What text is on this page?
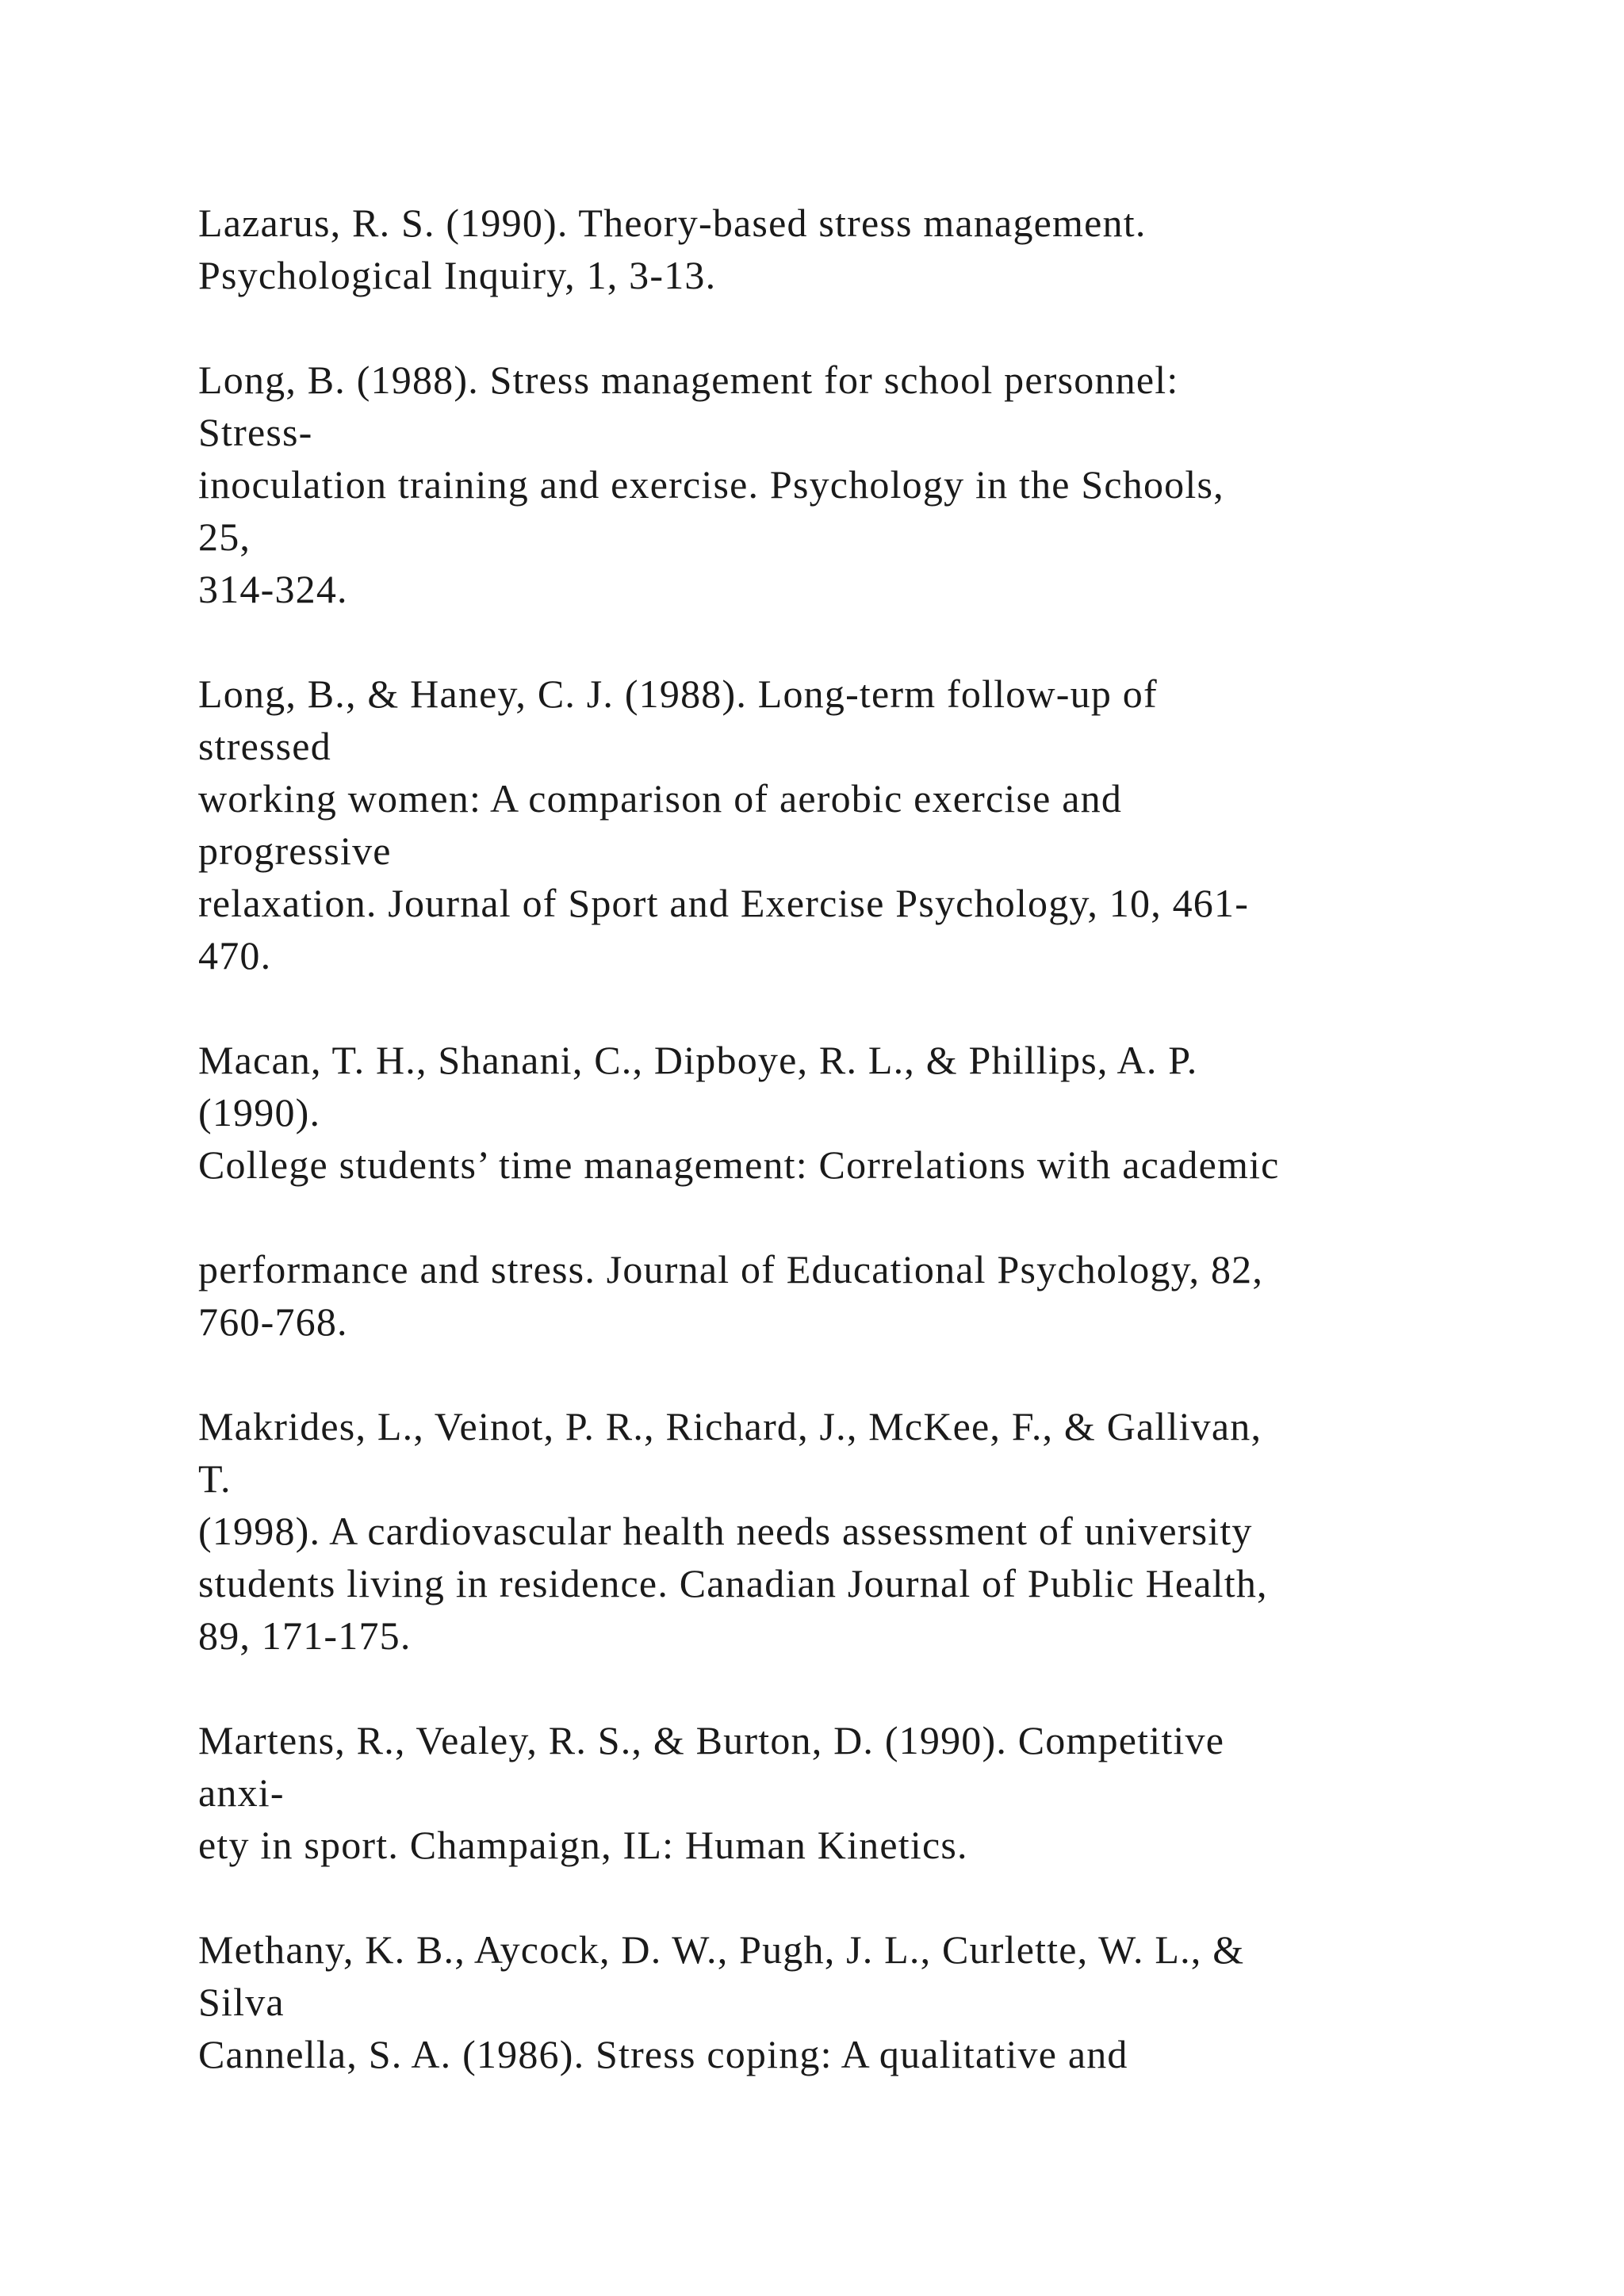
Lazarus, R. S. (1990). Theory-based stress management.
Psychological Inquiry, 1, 3-13.
Long, B. (1988). Stress management for school personnel:
Stress-
inoculation training and exercise. Psychology in the Schools,
25,
314-324.
Long, B., & Haney, C. J. (1988). Long-term follow-up of
stressed
working women: A comparison of aerobic exercise and
progressive
relaxation. Journal of Sport and Exercise Psychology, 10, 461-
470.
Macan, T. H., Shanani, C., Dipboye, R. L., & Phillips, A. P.
(1990).
College students’ time management: Correlations with academic
performance and stress. Journal of Educational Psychology, 82,
760-768.
Makrides, L., Veinot, P. R., Richard, J., McKee, F., & Gallivan,
T.
(1998). A cardiovascular health needs assessment of university
students living in residence. Canadian Journal of Public Health,
89, 171-175.
Martens, R., Vealey, R. S., & Burton, D. (1990). Competitive
anxi-
ety in sport. Champaign, IL: Human Kinetics.
Methany, K. B., Aycock, D. W., Pugh, J. L., Curlette, W. L., &
Silva
Cannella, S. A. (1986). Stress coping: A qualitative and
